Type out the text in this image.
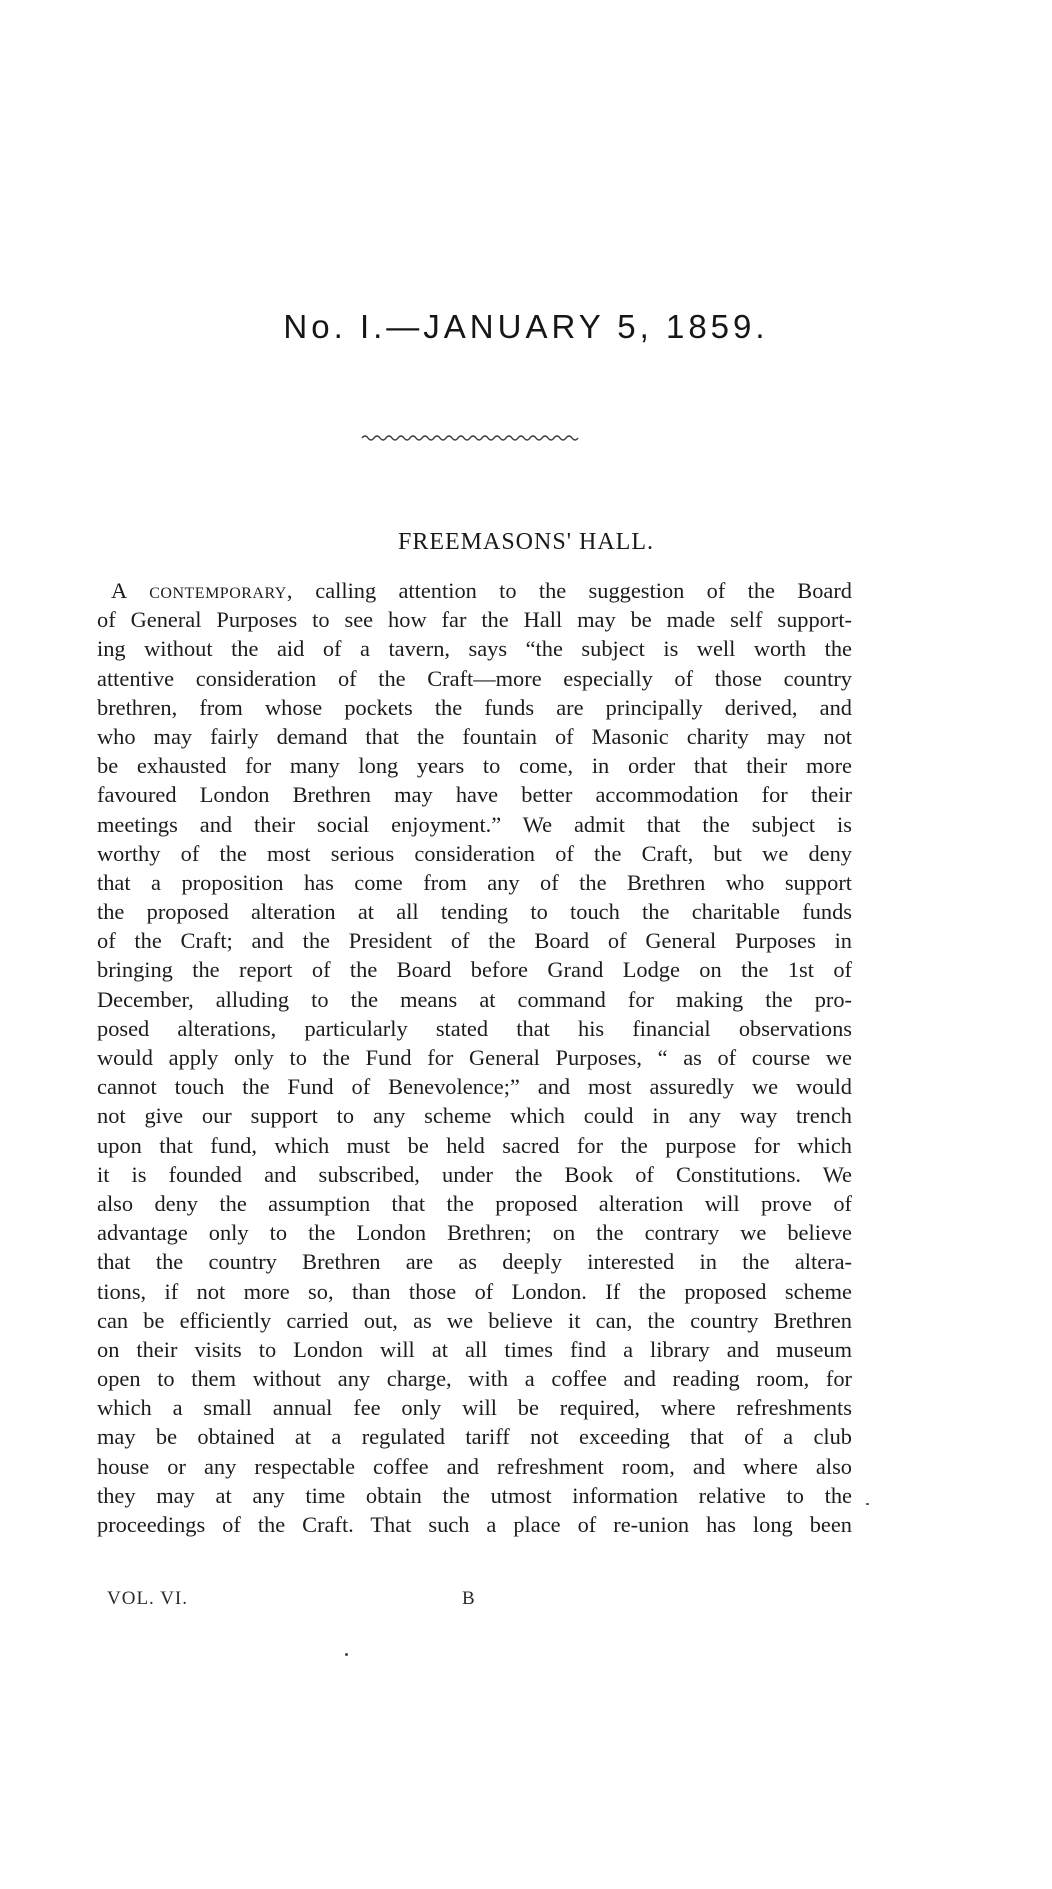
No. I.—JANUARY 5, 1859.
FREEMASONS' HALL.
A contemporary, calling attention to the suggestion of the Board
of General Purposes to see how far the Hall may be made self support-
ing without the aid of a tavern, says “the subject is well worth the
attentive consideration of the Craft—more especially of those country
brethren, from whose pockets the funds are principally derived, and
who may fairly demand that the fountain of Masonic charity may not
be exhausted for many long years to come, in order that their more
favoured London Brethren may have better accommodation for their
meetings and their social enjoyment.” We admit that the subject is
worthy of the most serious consideration of the Craft, but we deny
that a proposition has come from any of the Brethren who support
the proposed alteration at all tending to touch the charitable funds
of the Craft; and the President of the Board of General Purposes in
bringing the report of the Board before Grand Lodge on the 1st of
December, alluding to the means at command for making the pro-
posed alterations, particularly stated that his financial observations
would apply only to the Fund for General Purposes, “ as of course we
cannot touch the Fund of Benevolence;” and most assuredly we would
not give our support to any scheme which could in any way trench
upon that fund, which must be held sacred for the purpose for which
it is founded and subscribed, under the Book of Constitutions. We
also deny the assumption that the proposed alteration will prove of
advantage only to the London Brethren; on the contrary we believe
that the country Brethren are as deeply interested in the altera-
tions, if not more so, than those of London. If the proposed scheme
can be efficiently carried out, as we believe it can, the country Brethren
on their visits to London will at all times find a library and museum
open to them without any charge, with a coffee and reading room, for
which a small annual fee only will be required, where refreshments
may be obtained at a regulated tariff not exceeding that of a club
house or any respectable coffee and refreshment room, and where also
they may at any time obtain the utmost information relative to the
proceedings of the Craft. That such a place of re-union has long been
VOL. VI.	B
